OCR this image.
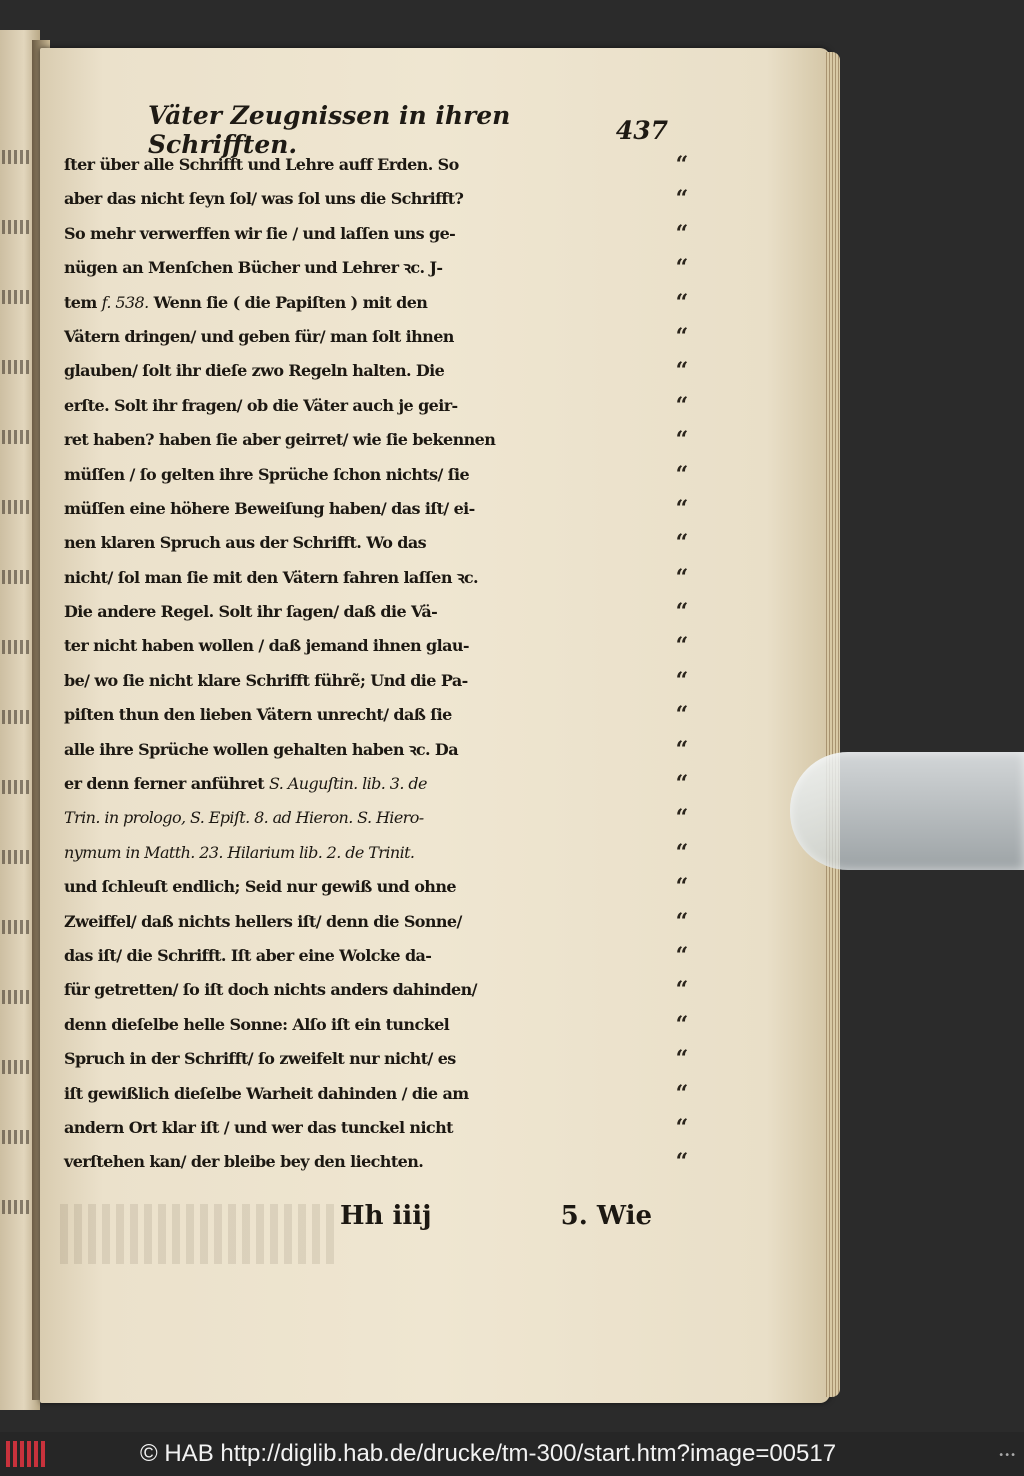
Väter Zeugnissen in ihren Schrifften.	437
ſter über alle Schrifft und Lehre auff Erden. So
aber das nicht ſeyn ſol/ was ſol uns die Schrifft?
So mehr verwerffen wir ſie / und laſſen uns ge-
nügen an Menſchen Bücher und Lehrer ꝛc. J-
tem f. 538. Wenn ſie ( die Papiſten ) mit den
Vätern dringen/ und geben für/ man ſolt ihnen
glauben/ ſolt ihr dieſe zwo Regeln halten. Die
erſte. Solt ihr fragen/ ob die Väter auch je geir-
ret haben? haben ſie aber geirret/ wie ſie bekennen
müſſen / ſo gelten ihre Sprüche ſchon nichts/ ſie
müſſen eine höhere Beweiſung haben/ das iſt/ ei-
nen klaren Spruch aus der Schrifft. Wo das
nicht/ ſol man ſie mit den Vätern fahren laſſen ꝛc.
Die andere Regel. Solt ihr ſagen/ daß die Vä-
ter nicht haben wollen / daß jemand ihnen glau-
be/ wo ſie nicht klare Schrifft führẽ; Und die Pa-
piſten thun den lieben Vätern unrecht/ daß ſie
alle ihre Sprüche wollen gehalten haben ꝛc. Da
er denn ferner anführet S. Auguſtin. lib. 3. de
Trin. in prologo, S. Epiſt. 8. ad Hieron. S. Hiero-
nymum in Matth. 23. Hilarium lib. 2. de Trinit.
und ſchleuſt endlich; Seid nur gewiß und ohne
Zweiffel/ daß nichts hellers iſt/ denn die Sonne/
das iſt/ die Schrifft. Iſt aber eine Wolcke da-
für getretten/ ſo iſt doch nichts anders dahinden/
denn dieſelbe helle Sonne: Alſo iſt ein tunckel
Spruch in der Schrifft/ ſo zweifelt nur nicht/ es
iſt gewißlich dieſelbe Warheit dahinden / die am
andern Ort klar iſt / und wer das tunckel nicht
verſtehen kan/ der bleibe bey den liechten.
“
“
“
“
“
“
“
“
“
“
“
“
“
“
“
“
“
“
“
“
“
“
“
“
“
“
“
“
“
“
Hh iiij	5. Wie
© HAB http://diglib.hab.de/drucke/tm-300/start.htm?image=00517	•••
